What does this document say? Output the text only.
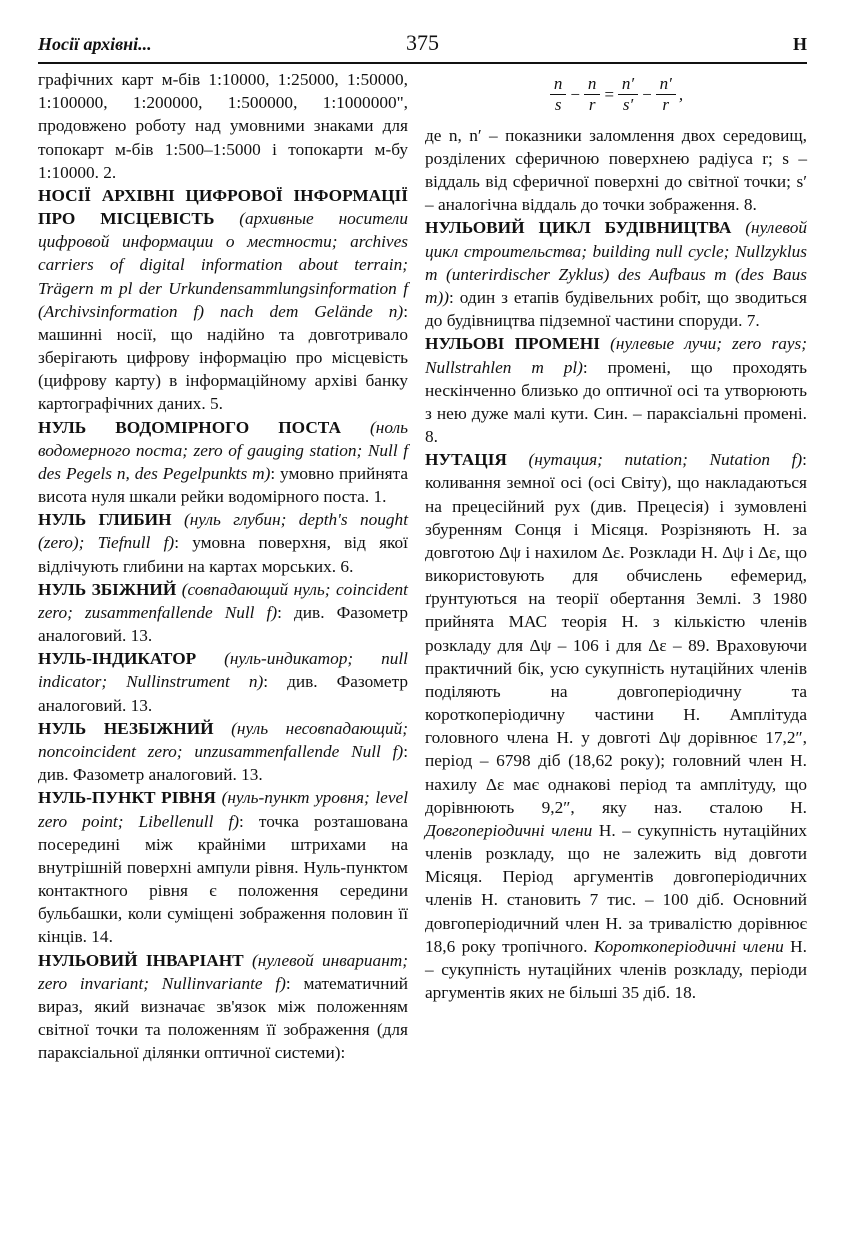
Носії архівні...	375	Н

графічних карт м-бів 1:10000, 1:25000, 1:50000, 1:100000, 1:200000, 1:500000, 1:1000000", продовжено роботу над умовними знаками для топокарт м-бів 1:500–1:5000 і топокарти м-бу 1:10000. 2.

НОСІЇ АРХІВНІ ЦИФРОВОЇ ІНФОРМАЦІЇ ПРО МІСЦЕВІСТЬ (архивные носители цифровой информации о местности; archives carriers of digital information about terrain; Trägern m pl der Urkundensammlungsinformation f (Archivsinformation f) nach dem Gelände n): машинні носії, що надійно та довготривало зберігають цифрову інформацію про місцевість (цифрову карту) в інформаційному архіві банку картографічних даних. 5.

НУЛЬ ВОДОМІРНОГО ПОСТА (ноль водомерного поста; zero of gauging station; Null f des Pegels n, des Pegelpunkts m): умовно прийнята висота нуля шкали рейки водомірного поста. 1.

НУЛЬ ГЛИБИН (нуль глубин; depth's nought (zero); Tiefnull f): умовна поверхня, від якої відлічують глибини на картах морських. 6.

НУЛЬ ЗБІЖНИЙ (совпадающий нуль; coincident zero; zusammenfallende Null f): див. Фазометр аналоговий. 13.

НУЛЬ-ІНДИКАТОР (нуль-индикатор; null indicator; Nullinstrument n): див. Фазометр аналоговий. 13.

НУЛЬ НЕЗБІЖНИЙ (нуль несовпадающий; noncoincident zero; unzusammenfallende Null f): див. Фазометр аналоговий. 13.

НУЛЬ-ПУНКТ РІВНЯ (нуль-пункт уровня; level zero point; Libellenull f): точка розташована посередині між крайніми штрихами на внутрішній поверхні ампули рівня. Нуль-пунктом контактного рівня є положення середини бульбашки, коли суміщені зображення половин її кінців. 14.

НУЛЬОВИЙ ІНВАРІАНТ (нулевой инвариант; zero invariant; Nullinvariante f): математичний вираз, який визначає зв'язок між положенням світної точки та положенням її зображення (для параксіальної ділянки оптичної системи):

$\frac{n}{s} - \frac{n}{r} = \frac{n'}{s'} - \frac{n'}{r}$ ,

де n, n′ – показники заломлення двох середовищ, розділених сферичною поверхнею радіуса r; s – віддаль від сферичної поверхні до світної точки; s′ – аналогічна віддаль до точки зображення. 8.

НУЛЬОВИЙ ЦИКЛ БУДІВНИЦТВА (нулевой цикл строительства; building null cycle; Nullzyklus m (unterirdischer Zyklus) des Aufbaus m (des Baus m)): один з етапів будівельних робіт, що зводиться до будівництва підземної частини споруди. 7.

НУЛЬОВІ ПРОМЕНІ (нулевые лучи; zero rays; Nullstrahlen m pl): промені, що проходять нескінченно близько до оптичної осі та утворюють з нею дуже малі кути. Син. – параксіальні промені. 8.

НУТАЦІЯ (нутация; nutation; Nutation f): коливання земної осі (осі Світу), що накладаються на прецесійний рух (див. Прецесія) і зумовлені збуренням Сонця і Місяця. Розрізняють Н. за довготою Δψ і нахилом Δε. Розклади Н. Δψ і Δε, що використовують для обчислень ефемерид, ґрунтуються на теорії обертання Землі. З 1980 прийнята МАС теорія Н. з кількістю членів розкладу для Δψ – 106 і для Δε – 89. Враховуючи практичний бік, усю сукупність нутаційних членів поділяють на довгоперіодичну та короткоперіодичну частини Н. Амплітуда головного члена Н. у довготі Δψ дорівнює 17,2″, період – 6798 діб (18,62 року); головний член Н. нахилу Δε має однакові період та амплітуду, що дорівнюють 9,2″, яку наз. сталою Н. Довгоперіодичні члени Н. – сукупність нутаційних членів розкладу, що не залежить від довготи Місяця. Період аргументів довгоперіодичних членів Н. становить 7 тис. – 100 діб. Основний довгоперіодичний член Н. за тривалістю дорівнює 18,6 року тропічного. Короткоперіодичні члени Н. – сукупність нутаційних членів розкладу, періоди аргументів яких не більші 35 діб. 18.
